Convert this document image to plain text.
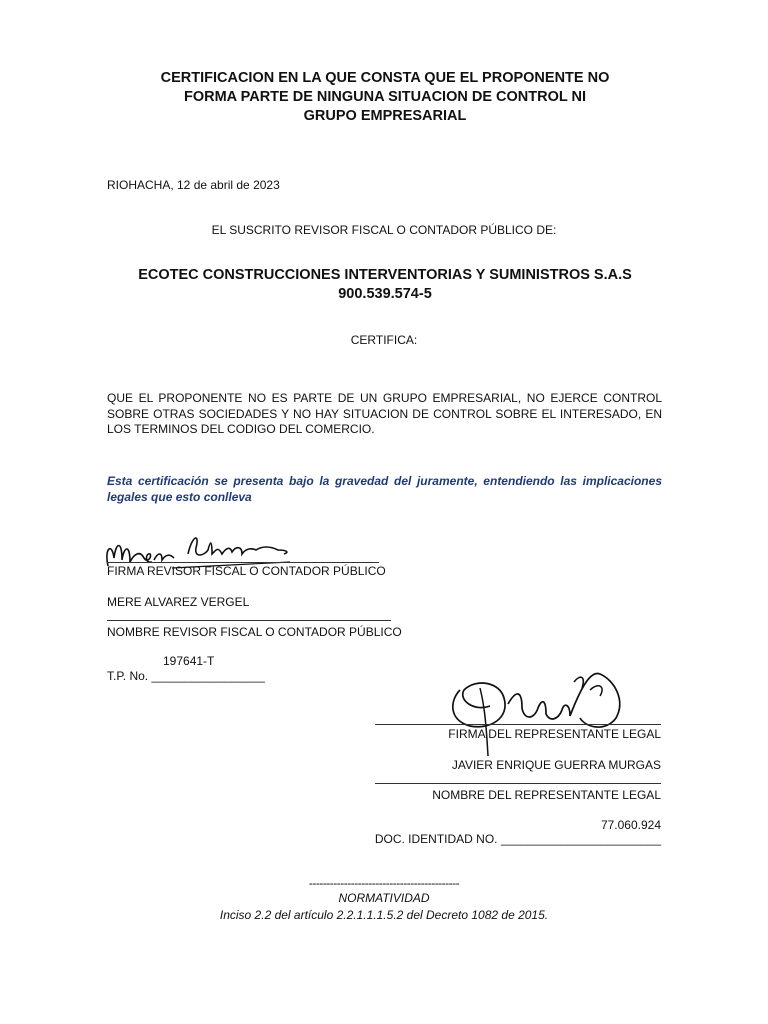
CERTIFICACION EN LA QUE CONSTA QUE EL PROPONENTE NO FORMA PARTE DE NINGUNA SITUACION DE CONTROL NI GRUPO EMPRESARIAL
RIOHACHA, 12 de abril de 2023
EL SUSCRITO REVISOR FISCAL O CONTADOR PÚBLICO DE:
ECOTEC CONSTRUCCIONES INTERVENTORIAS Y SUMINISTROS S.A.S
900.539.574-5
CERTIFICA:
QUE EL PROPONENTE NO ES PARTE DE UN GRUPO EMPRESARIAL, NO EJERCE CONTROL SOBRE OTRAS SOCIEDADES Y NO HAY SITUACION DE CONTROL SOBRE EL INTERESADO, EN LOS TERMINOS DEL CODIGO DEL COMERCIO.
Esta certificación se presenta bajo la gravedad del juramente, entendiendo las implicaciones legales que esto conlleva
FIRMA REVISOR FISCAL O CONTADOR PÚBLICO
MERE ALVAREZ VERGEL
NOMBRE REVISOR FISCAL O CONTADOR PÚBLICO
197641-T
T.P. No. _________________
FIRMA DEL REPRESENTANTE LEGAL
JAVIER ENRIQUE GUERRA MURGAS
NOMBRE DEL REPRESENTANTE LEGAL
77.060.924
DOC. IDENTIDAD NO. ________________________
-------------------------------------------
NORMATIVIDAD
Inciso 2.2 del artículo 2.2.1.1.1.5.2 del Decreto 1082 de 2015.
